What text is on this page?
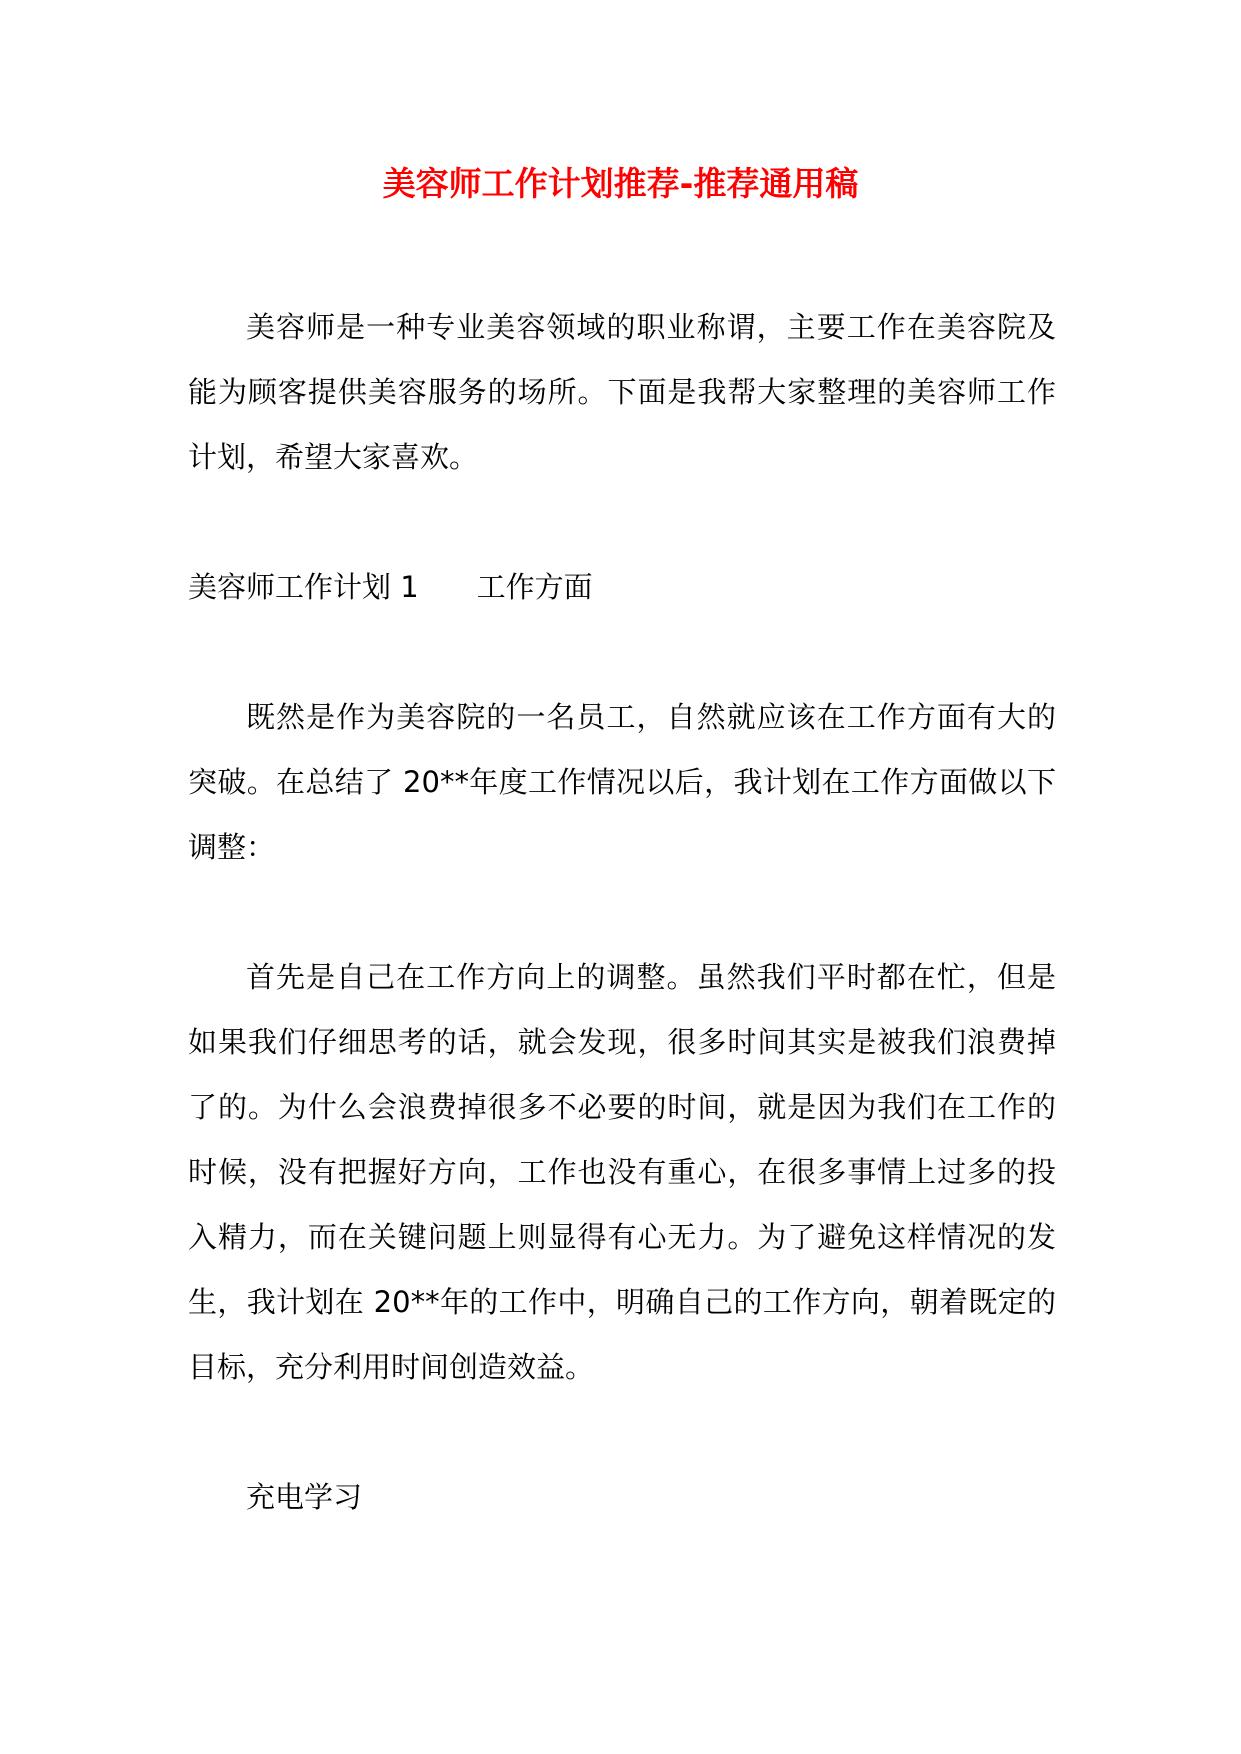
美容师工作计划推荐-推荐通用稿

美容师是一种专业美容领域的职业称谓，主要工作在美容院及能为顾客提供美容服务的场所。下面是我帮大家整理的美容师工作计划，希望大家喜欢。

美容师工作计划 1 工作方面

既然是作为美容院的一名员工，自然就应该在工作方面有大的突破。在总结了 20**年度工作情况以后，我计划在工作方面做以下调整：

首先是自己在工作方向上的调整。虽然我们平时都在忙，但是如果我们仔细思考的话，就会发现，很多时间其实是被我们浪费掉了的。为什么会浪费掉很多不必要的时间，就是因为我们在工作的时候，没有把握好方向，工作也没有重心，在很多事情上过多的投入精力，而在关键问题上则显得有心无力。为了避免这样情况的发生，我计划在 20**年的工作中，明确自己的工作方向，朝着既定的目标，充分利用时间创造效益。

充电学习
